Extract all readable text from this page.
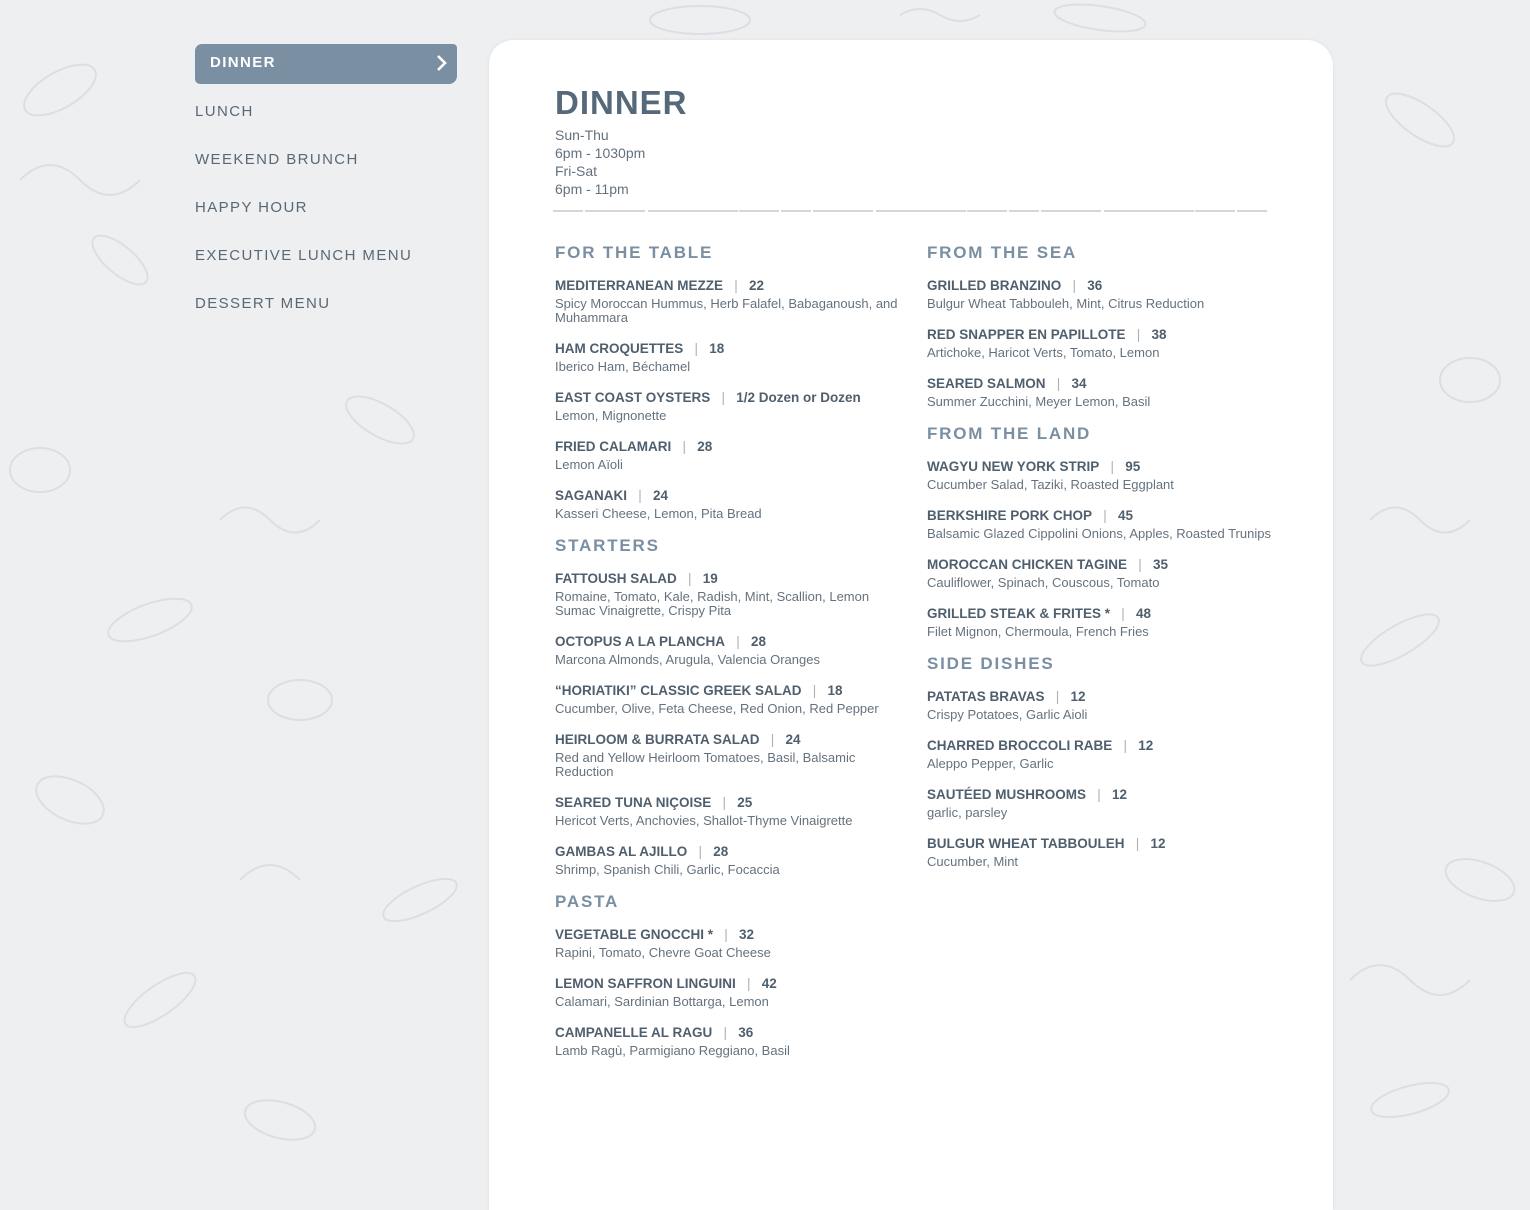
DINNER
LUNCH
WEEKEND BRUNCH
HAPPY HOUR
EXECUTIVE LUNCH MENU
DESSERT MENU
DINNER
Sun-Thu
6pm - 1030pm
Fri-Sat
6pm - 11pm
FOR THE TABLE
MEDITERRANEAN MEZZE | 22
Spicy Moroccan Hummus, Herb Falafel, Babaganoush, and Muhammara
HAM CROQUETTES | 18
Iberico Ham, Béchamel
EAST COAST OYSTERS | 1/2 Dozen or Dozen
Lemon, Mignonette
FRIED CALAMARI | 28
Lemon Aïoli
SAGANAKI | 24
Kasseri Cheese, Lemon, Pita Bread
STARTERS
FATTOUSH SALAD | 19
Romaine, Tomato, Kale, Radish, Mint, Scallion, Lemon Sumac Vinaigrette, Crispy Pita
OCTOPUS A LA PLANCHA | 28
Marcona Almonds, Arugula, Valencia Oranges
“HORIATIKI” CLASSIC GREEK SALAD | 18
Cucumber, Olive, Feta Cheese, Red Onion, Red Pepper
HEIRLOOM & BURRATA SALAD | 24
Red and Yellow Heirloom Tomatoes, Basil, Balsamic Reduction
SEARED TUNA NIÇOISE | 25
Hericot Verts, Anchovies, Shallot-Thyme Vinaigrette
GAMBAS AL AJILLO | 28
Shrimp, Spanish Chili, Garlic, Focaccia
PASTA
VEGETABLE GNOCCHI * | 32
Rapini, Tomato, Chevre Goat Cheese
LEMON SAFFRON LINGUINI | 42
Calamari, Sardinian Bottarga, Lemon
CAMPANELLE AL RAGU | 36
Lamb Ragù, Parmigiano Reggiano, Basil
FROM THE SEA
GRILLED BRANZINO | 36
Bulgur Wheat Tabbouleh, Mint, Citrus Reduction
RED SNAPPER EN PAPILLOTE | 38
Artichoke, Haricot Verts, Tomato, Lemon
SEARED SALMON | 34
Summer Zucchini, Meyer Lemon, Basil
FROM THE LAND
WAGYU NEW YORK STRIP | 95
Cucumber Salad, Taziki, Roasted Eggplant
BERKSHIRE PORK CHOP | 45
Balsamic Glazed Cippolini Onions, Apples, Roasted Trunips
MOROCCAN CHICKEN TAGINE | 35
Cauliflower, Spinach, Couscous, Tomato
GRILLED STEAK & FRITES * | 48
Filet Mignon, Chermoula, French Fries
SIDE DISHES
PATATAS BRAVAS | 12
Crispy Potatoes, Garlic Aioli
CHARRED BROCCOLI RABE | 12
Aleppo Pepper, Garlic
SAUTÉED MUSHROOMS | 12
garlic, parsley
BULGUR WHEAT TABBOULEH | 12
Cucumber, Mint
